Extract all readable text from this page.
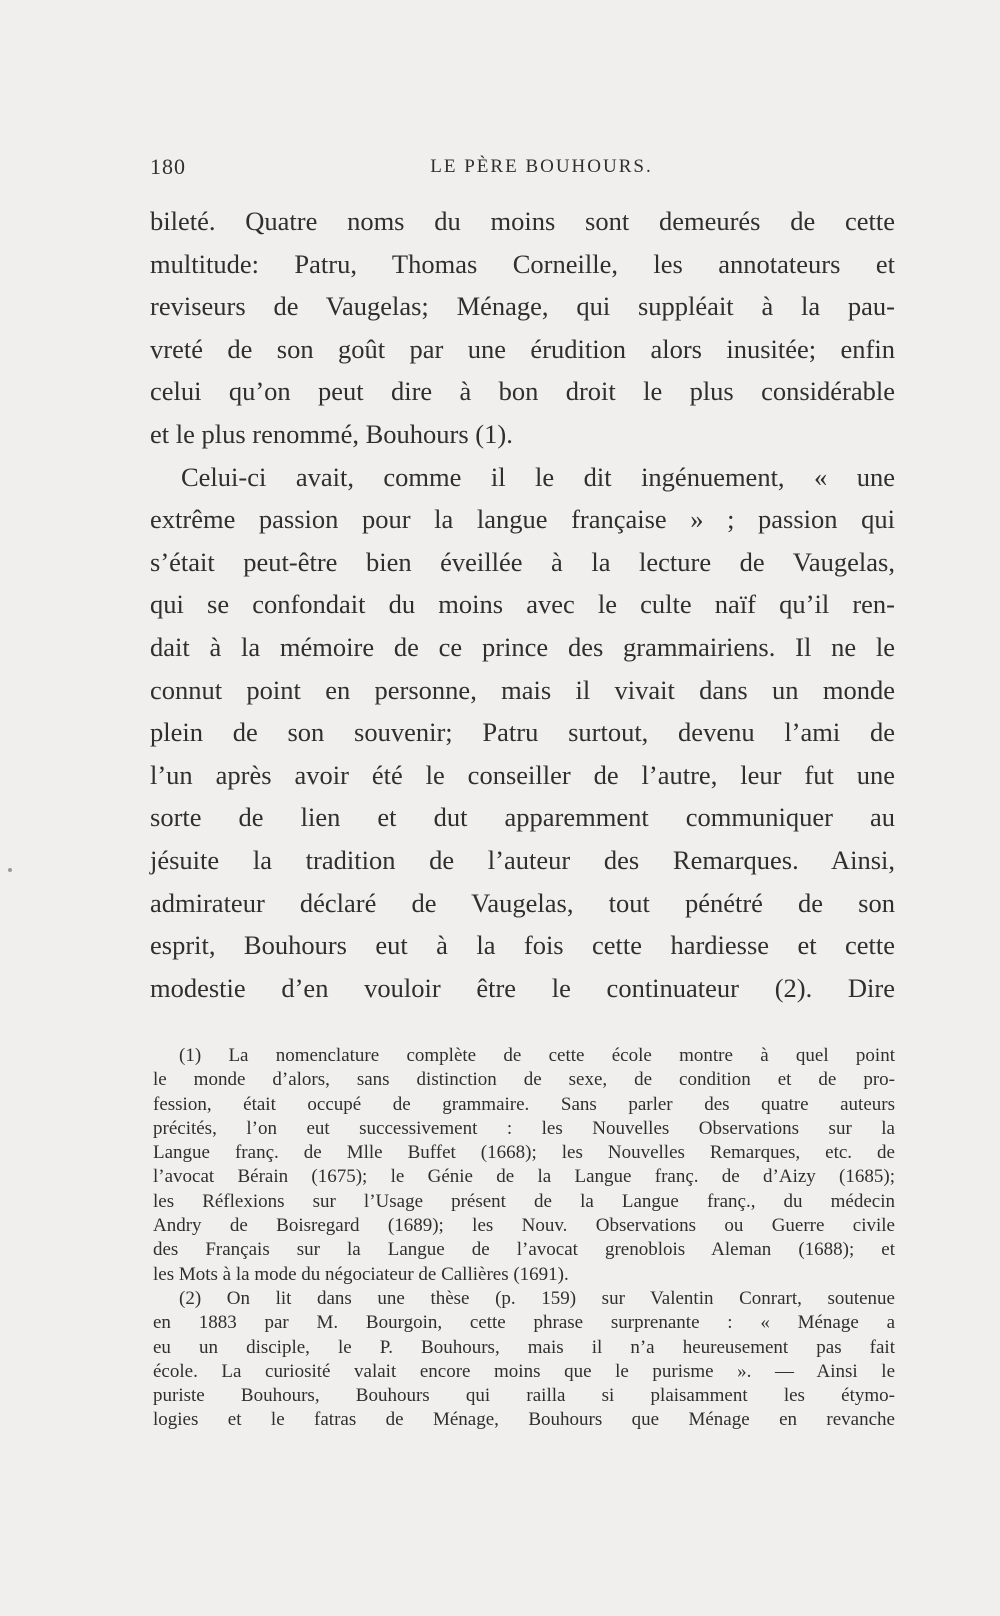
180	LE PÈRE BOUHOURS.
bileté. Quatre noms du moins sont demeurés de cette
multitude: Patru, Thomas Corneille, les annotateurs et
reviseurs de Vaugelas; Ménage, qui suppléait à la pau-
vreté de son goût par une érudition alors inusitée; enfin
celui qu’on peut dire à bon droit le plus considérable
et le plus renommé, Bouhours (1).
Celui-ci avait, comme il le dit ingénuement, « une
extrême passion pour la langue française » ; passion qui
s’était peut-être bien éveillée à la lecture de Vaugelas,
qui se confondait du moins avec le culte naïf qu’il ren-
dait à la mémoire de ce prince des grammairiens. Il ne le
connut point en personne, mais il vivait dans un monde
plein de son souvenir; Patru surtout, devenu l’ami de
l’un après avoir été le conseiller de l’autre, leur fut une
sorte de lien et dut apparemment communiquer au
jésuite la tradition de l’auteur des Remarques. Ainsi,
admirateur déclaré de Vaugelas, tout pénétré de son
esprit, Bouhours eut à la fois cette hardiesse et cette
modestie d’en vouloir être le continuateur (2). Dire
(1) La nomenclature complète de cette école montre à quel point
le monde d’alors, sans distinction de sexe, de condition et de pro-
fession, était occupé de grammaire. Sans parler des quatre auteurs
précités, l’on eut successivement : les Nouvelles Observations sur la
Langue franç. de Mlle Buffet (1668); les Nouvelles Remarques, etc. de
l’avocat Bérain (1675); le Génie de la Langue franç. de d’Aizy (1685);
les Réflexions sur l’Usage présent de la Langue franç., du médecin
Andry de Boisregard (1689); les Nouv. Observations ou Guerre civile
des Français sur la Langue de l’avocat grenoblois Aleman (1688); et
les Mots à la mode du négociateur de Callières (1691).
(2) On lit dans une thèse (p. 159) sur Valentin Conrart, soutenue
en 1883 par M. Bourgoin, cette phrase surprenante : « Ménage a
eu un disciple, le P. Bouhours, mais il n’a heureusement pas fait
école. La curiosité valait encore moins que le purisme ». — Ainsi le
puriste Bouhours, Bouhours qui railla si plaisamment les étymo-
logies et le fatras de Ménage, Bouhours que Ménage en revanche
